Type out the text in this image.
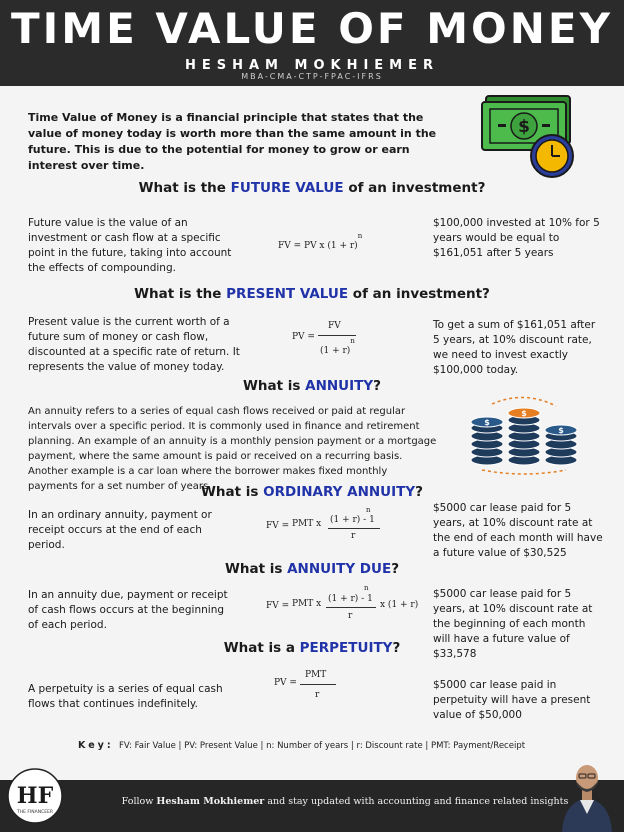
TIME VALUE OF MONEY
HESHAM MOKHIEMER
MBA-CMA-CTP-FPAC-IFRS
Time Value of Money is a financial principle that states that the value of money today is worth more than the same amount in the future. This is due to the potential for money to grow or earn interest over time.
$
What is the FUTURE VALUE of an investment?
Future value is the value of an investment or cash flow at a specific point in the future, taking into account the effects of compounding.
FV = PV x $(1 + r)^n$
$100,000 invested at 10% for 5 years would be equal to $161,051 after 5 years
What is the PRESENT VALUE of an investment?
Present value is the current worth of a future sum of money or cash flow, discounted at a specific rate of return. It represents the value of money today.
PV =
FV
$(1 + r)^n$
To get a sum of $161,051 after 5 years, at 10% discount rate, we need to invest exactly $100,000 today.
What is ANNUITY?
An annuity refers to a series of equal cash flows received or paid at regular intervals over a specific period. It is commonly used in finance and retirement planning. An example of an annuity is a monthly pension payment or a mortgage payment, where the same amount is paid or received on a recurring basis. Another example is a car loan where the borrower makes fixed monthly payments for a set number of years.
$
$
$
What is ORDINARY ANNUITY?
In an ordinary annuity, payment or receipt occurs at the end of each period.
FV = PMT x
n
(1 + r) - 1
r
$5000 car lease paid for 5 years, at 10% discount rate at the end of each month will have a future value of $30,525
What is ANNUITY DUE?
In an annuity due, payment or receipt of cash flows occurs at the beginning of each period.
FV = PMT x
n
(1 + r) - 1
r
x (1 + r)
$5000 car lease paid for 5 years, at 10% discount rate at the beginning of each month will have a future value of $33,578
What is a PERPETUITY?
A perpetuity is a series of equal cash flows that continues indefinitely.
PV =
PMT
r
$5000 car lease paid in perpetuity will have a present value of $50,000
Key: FV: Fair Value | PV: Present Value | n: Number of years | r: Discount rate | PMT: Payment/Receipt
HF
THE FINANCEER
Follow Hesham Mokhiemer and stay updated with accounting and finance related insights
